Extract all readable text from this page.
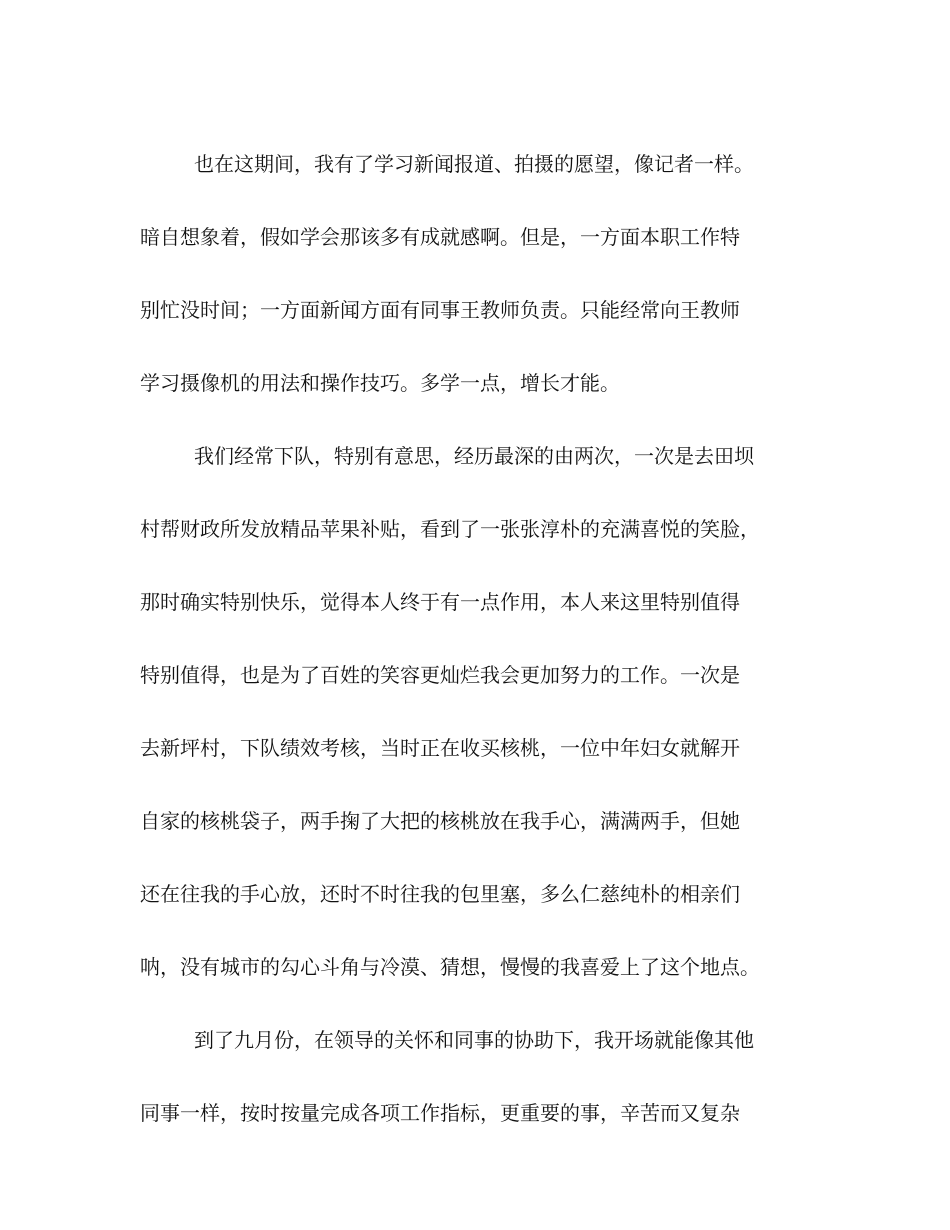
也在这期间，我有了学习新闻报道、拍摄的愿望，像记者一样。
暗自想象着，假如学会那该多有成就感啊。但是，一方面本职工作特
别忙没时间；一方面新闻方面有同事王教师负责。只能经常向王教师
学习摄像机的用法和操作技巧。多学一点，增长才能。
我们经常下队，特别有意思，经历最深的由两次，一次是去田坝
村帮财政所发放精品苹果补贴，看到了一张张淳朴的充满喜悦的笑脸，
那时确实特别快乐，觉得本人终于有一点作用，本人来这里特别值得
特别值得，也是为了百姓的笑容更灿烂我会更加努力的工作。一次是
去新坪村，下队绩效考核，当时正在收买核桃，一位中年妇女就解开
自家的核桃袋子，两手掬了大把的核桃放在我手心，满满两手，但她
还在往我的手心放，还时不时往我的包里塞，多么仁慈纯朴的相亲们
呐，没有城市的勾心斗角与冷漠、猜想，慢慢的我喜爱上了这个地点。
到了九月份，在领导的关怀和同事的协助下，我开场就能像其他
同事一样，按时按量完成各项工作指标，更重要的事，辛苦而又复杂
